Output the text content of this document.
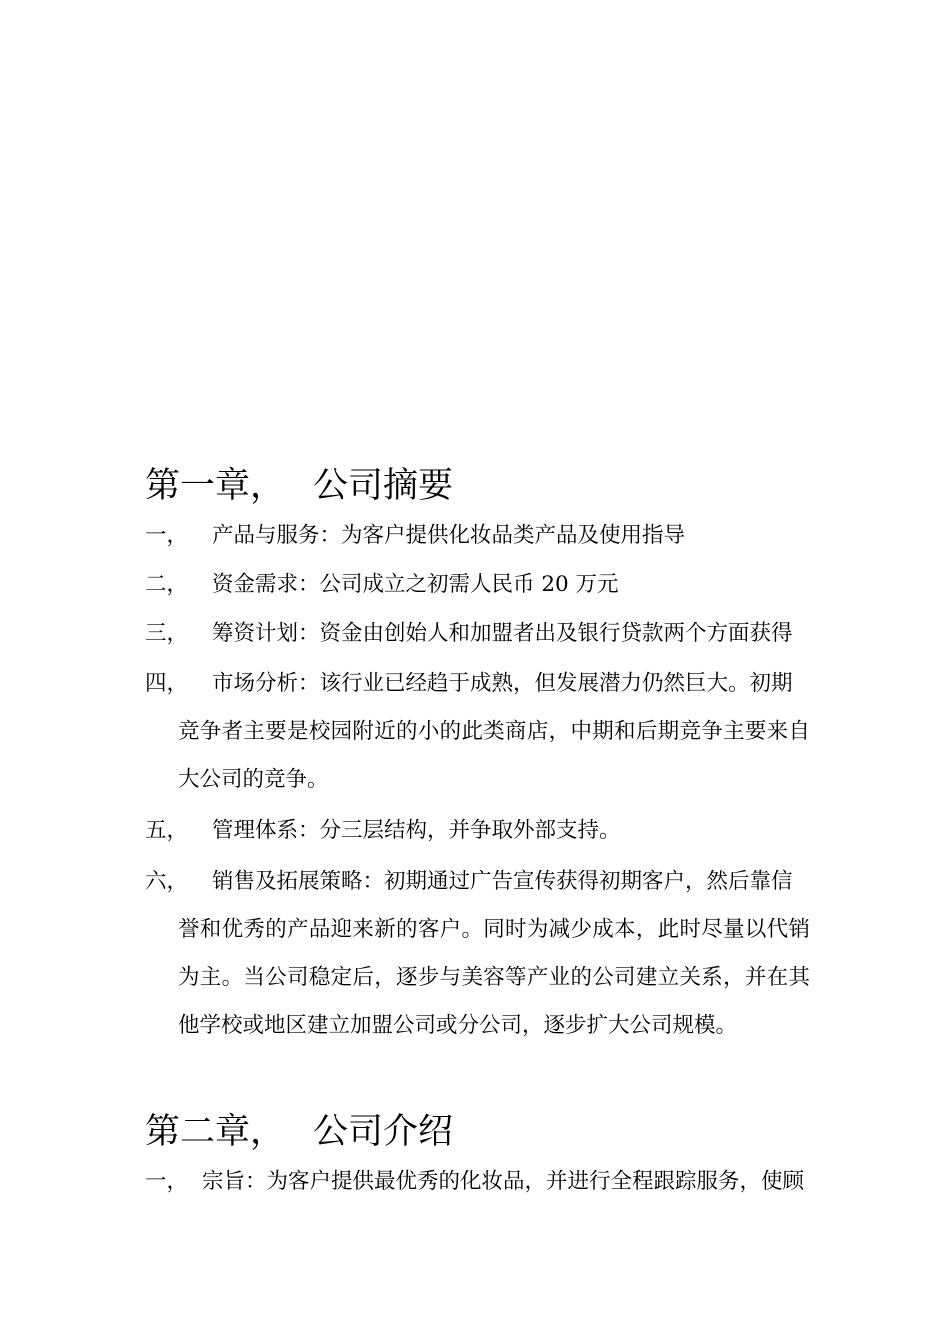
第一章， 公司摘要
一，	产品与服务：为客户提供化妆品类产品及使用指导
二，	资金需求：公司成立之初需人民币 20 万元
三，	筹资计划：资金由创始人和加盟者出及银行贷款两个方面获得
四，	市场分析：该行业已经趋于成熟，但发展潜力仍然巨大。初期
竞争者主要是校园附近的小的此类商店，中期和后期竞争主要来自大公司的竞争。
五，	管理体系：分三层结构，并争取外部支持。
六，	销售及拓展策略：初期通过广告宣传获得初期客户，然后靠信
誉和优秀的产品迎来新的客户。同时为减少成本，此时尽量以代销为主。当公司稳定后，逐步与美容等产业的公司建立关系，并在其他学校或地区建立加盟公司或分公司，逐步扩大公司规模。
第二章， 公司介绍
一， 宗旨：为客户提供最优秀的化妆品，并进行全程跟踪服务，使顾
